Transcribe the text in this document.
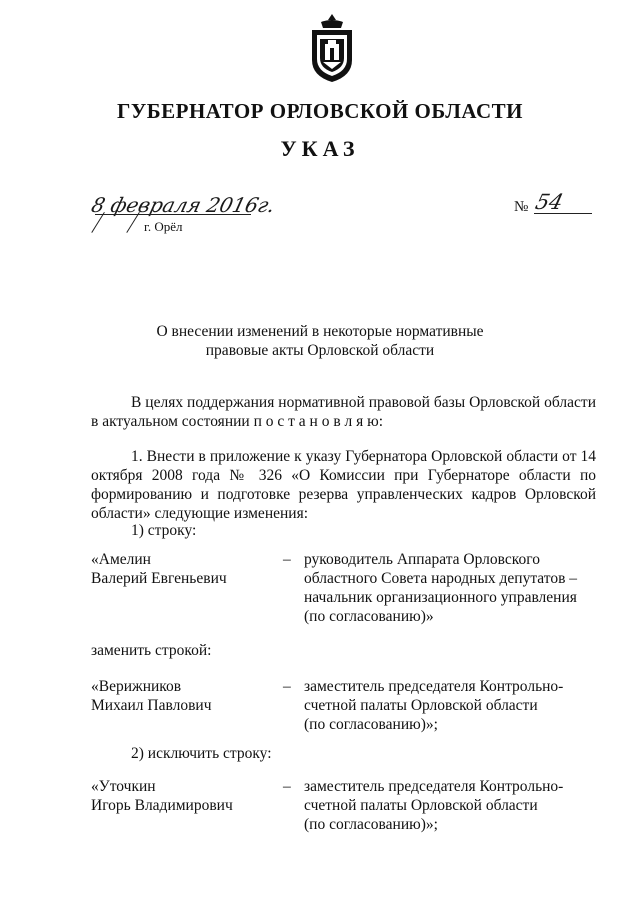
ГУБЕРНАТОР ОРЛОВСКОЙ ОБЛАСТИ
УКАЗ
8 февраля 2016г.
г. Орёл
№ 54
О внесении изменений в некоторые нормативные
правовые акты Орловской области
В целях поддержания нормативной правовой базы Орловской области в актуальном состоянии п о с т а н о в л я ю:
1. Внести в приложение к указу Губернатора Орловской области от 14 октября 2008 года № 326 «О Комиссии при Губернаторе области по формированию и подготовке резерва управленческих кадров Орловской области» следующие изменения:
1) строку:
«Амелин
Валерий Евгеньевич
– руководитель Аппарата Орловского
областного Совета народных депутатов –
начальник организационного управления
(по согласованию)»
заменить строкой:
«Верижников
Михаил Павлович
– заместитель председателя Контрольно-
счетной палаты Орловской области
(по согласованию)»;
2) исключить строку:
«Уточкин
Игорь Владимирович
– заместитель председателя Контрольно-
счетной палаты Орловской области
(по согласованию)»;
